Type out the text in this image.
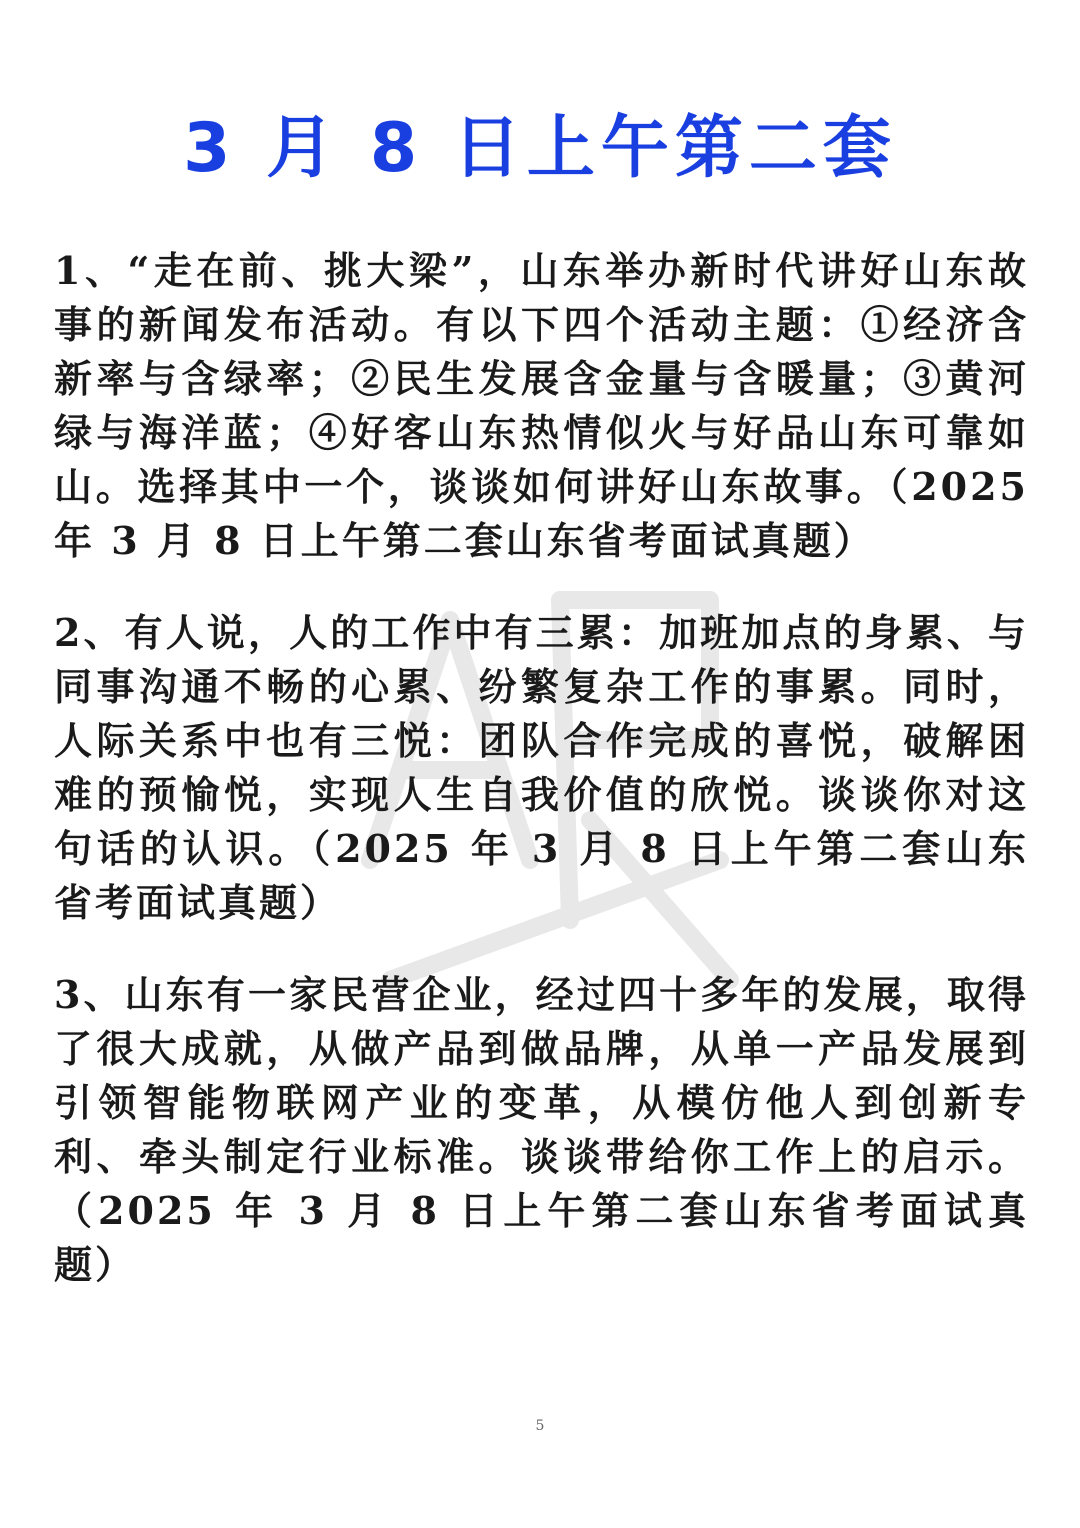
3 月 8 日上午第二套

1、“走在前、挑大梁”，山东举办新时代讲好山东故事的新闻发布活动。有以下四个活动主题：①经济含新率与含绿率；②民生发展含金量与含暖量；③黄河绿与海洋蓝；④好客山东热情似火与好品山东可靠如山。选择其中一个，谈谈如何讲好山东故事。（2025 年 3 月 8 日上午第二套山东省考面试真题）

2、有人说，人的工作中有三累：加班加点的身累、与同事沟通不畅的心累、纷繁复杂工作的事累。同时，人际关系中也有三悦：团队合作完成的喜悦，破解困难的预愉悦，实现人生自我价值的欣悦。谈谈你对这句话的认识。（2025 年 3 月 8 日上午第二套山东省考面试真题）

3、山东有一家民营企业，经过四十多年的发展，取得了很大成就，从做产品到做品牌，从单一产品发展到引领智能物联网产业的变革，从模仿他人到创新专利、牵头制定行业标准。谈谈带给你工作上的启示。（2025 年 3 月 8 日上午第二套山东省考面试真题）

5
